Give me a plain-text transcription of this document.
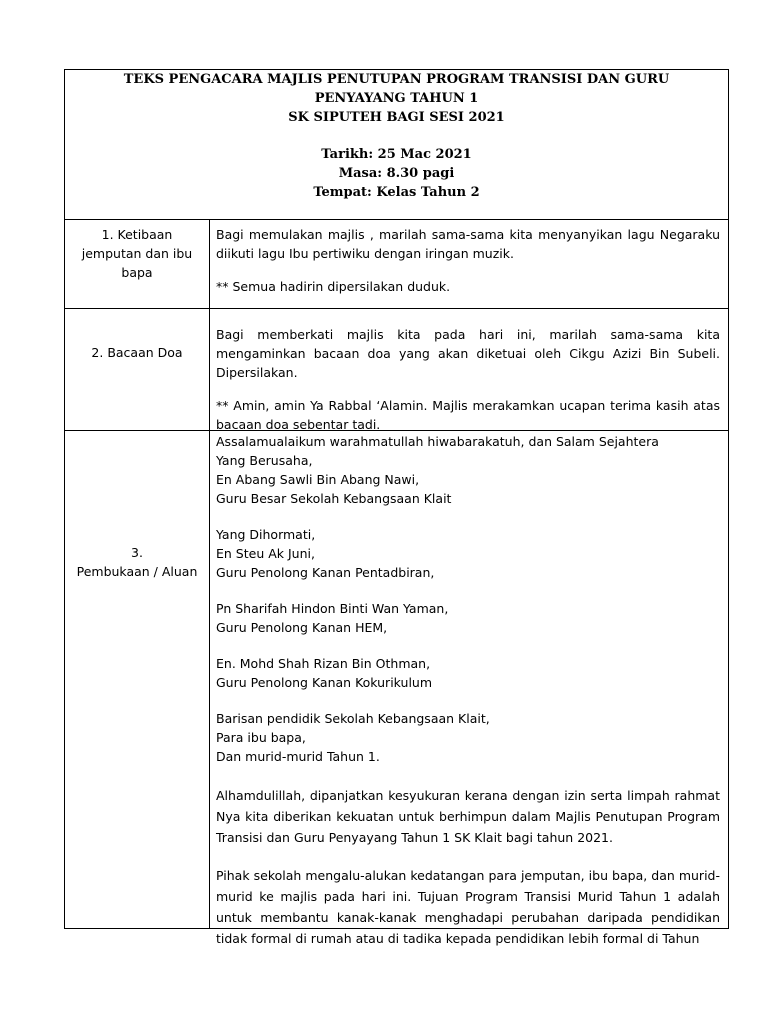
TEKS PENGACARA MAJLIS PENUTUPAN PROGRAM TRANSISI DAN GURU
PENYAYANG TAHUN 1
SK SIPUTEH BAGI SESI 2021
Tarikh: 25 Mac 2021
Masa: 8.30 pagi
Tempat: Kelas Tahun 2
1. Ketibaan
jemputan dan ibu
bapa

Bagi memulakan majlis , marilah sama-sama kita menyanyikan lagu Negaraku diikuti lagu Ibu pertiwiku dengan iringan muzik.

** Semua hadirin dipersilakan duduk.

2. Bacaan Doa

Bagi memberkati majlis kita pada hari ini, marilah sama-sama kita mengaminkan bacaan doa yang akan diketuai oleh Cikgu Azizi Bin Subeli. Dipersilakan.

** Amin, amin Ya Rabbal ‘Alamin. Majlis merakamkan ucapan terima kasih atas bacaan doa sebentar tadi.

3.
Pembukaan / Aluan
Assalamualaikum warahmatullah hiwabarakatuh, dan Salam Sejahtera
Yang Berusaha,
En Abang Sawli Bin Abang Nawi,
Guru Besar Sekolah Kebangsaan Klait
Yang Dihormati,
En Steu Ak Juni,
Guru Penolong Kanan Pentadbiran,
Pn Sharifah Hindon Binti Wan Yaman,
Guru Penolong Kanan HEM,
En. Mohd Shah Rizan Bin Othman,
Guru Penolong Kanan Kokurikulum
Barisan pendidik Sekolah Kebangsaan Klait,
Para ibu bapa,
Dan murid-murid Tahun 1.

Alhamdulillah, dipanjatkan kesyukuran kerana dengan izin serta limpah rahmat Nya kita diberikan kekuatan untuk berhimpun dalam Majlis Penutupan Program Transisi dan Guru Penyayang Tahun 1 SK Klait bagi tahun 2021.

Pihak sekolah mengalu-alukan kedatangan para jemputan, ibu bapa, dan murid-murid ke majlis pada hari ini. Tujuan Program Transisi Murid Tahun 1 adalah untuk membantu kanak-kanak menghadapi perubahan daripada pendidikan tidak formal di rumah atau di tadika kepada pendidikan lebih formal di Tahun
